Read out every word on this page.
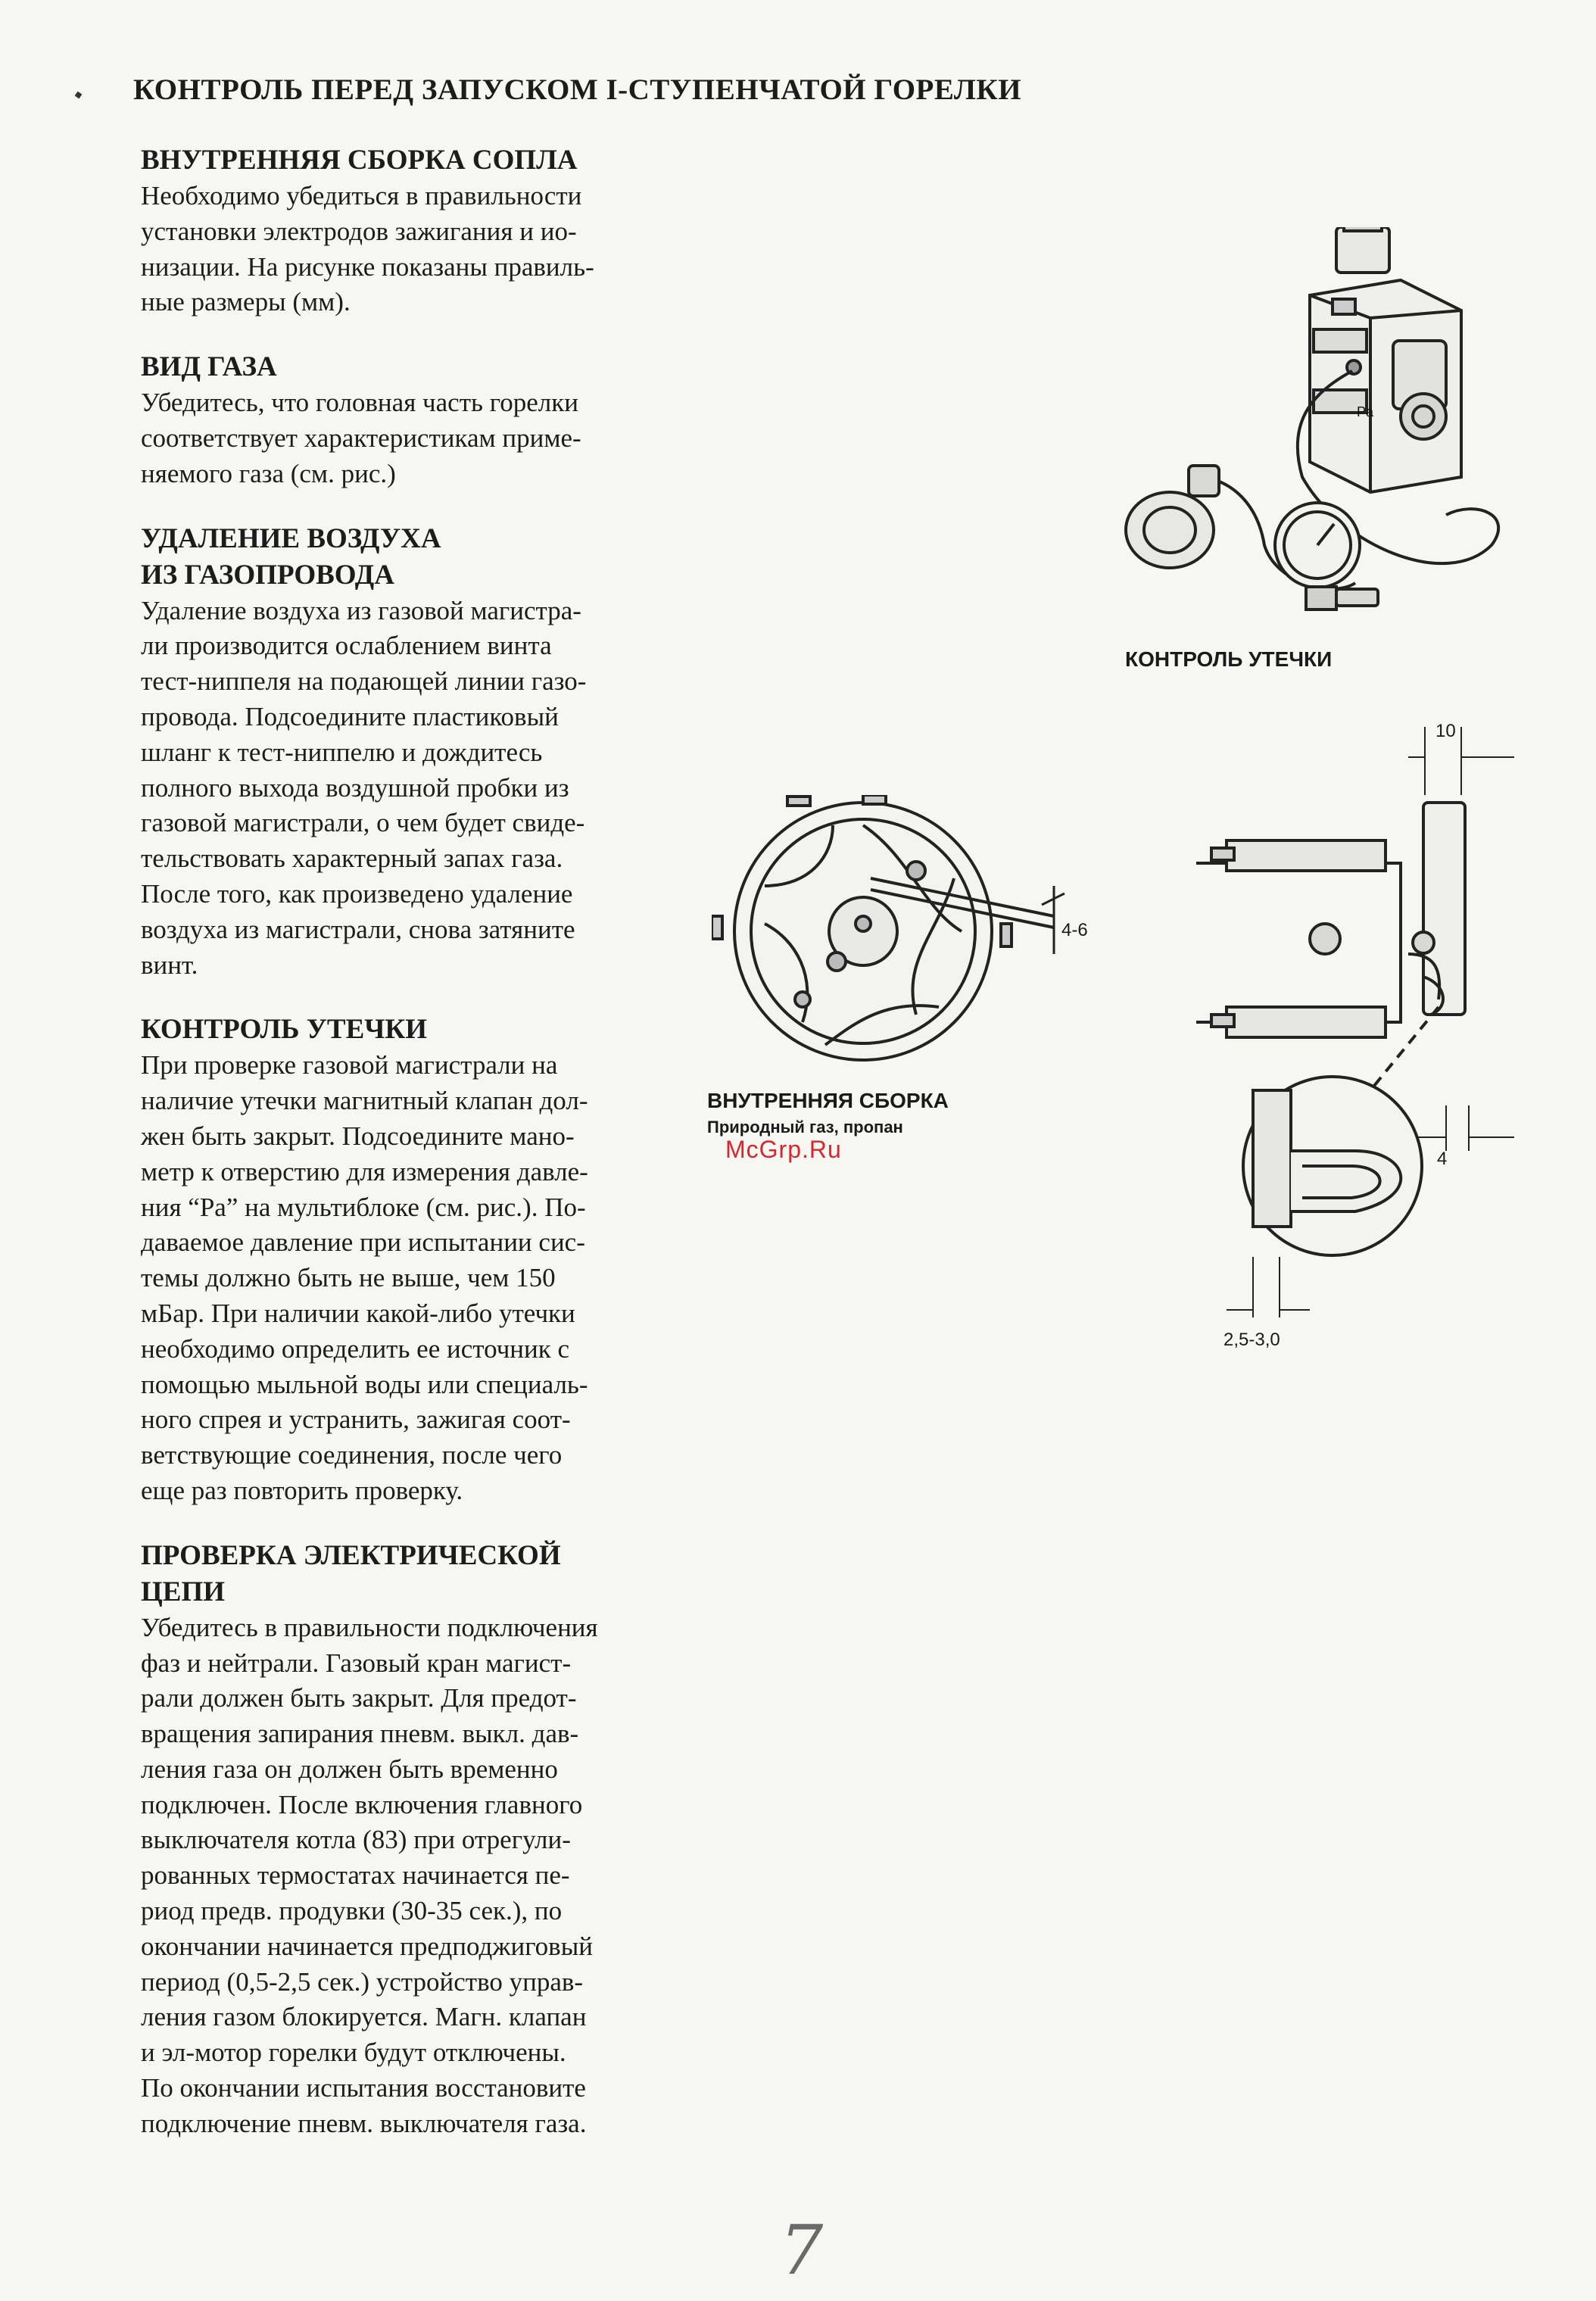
КОНТРОЛЬ ПЕРЕД ЗАПУСКОМ I-СТУПЕНЧАТОЙ ГОРЕЛКИ
ВНУТРЕННЯЯ СБОРКА СОПЛА

Необходимо убедиться в правильности
установки электродов зажигания и ио-
низации. На рисунке показаны правиль-
ные размеры (мм).

ВИД ГАЗА

Убедитесь, что головная часть горелки
соответствует характеристикам приме-
няемого газа (см. рис.)

УДАЛЕНИЕ ВОЗДУХА
ИЗ ГАЗОПРОВОДА

Удаление воздуха из газовой магистра-
ли производится ослаблением винта
тест-ниппеля на подающей линии газо-
провода. Подсоедините пластиковый
шланг к тест-ниппелю и дождитесь
полного выхода воздушной пробки из
газовой магистрали, о чем будет свиде-
тельствовать характерный запах газа.
После того, как произведено удаление
воздуха из магистрали, снова затяните
винт.

КОНТРОЛЬ УТЕЧКИ

При проверке газовой магистрали на
наличие утечки магнитный клапан дол-
жен быть закрыт. Подсоедините мано-
метр к отверстию для измерения давле-
ния “Pa” на мультиблоке (см. рис.). По-
даваемое давление при испытании сис-
темы должно быть не выше, чем 150
мБар. При наличии какой-либо утечки
необходимо определить ее источник с
помощью мыльной воды или специаль-
ного спрея и устранить, зажигая соот-
ветствующие соединения, после чего
еще раз повторить проверку.

ПРОВЕРКА ЭЛЕКТРИЧЕСКОЙ
ЦЕПИ

Убедитесь в правильности подключения
фаз и нейтрали. Газовый кран магист-
рали должен быть закрыт. Для предот-
вращения запирания пневм. выкл. дав-
ления газа он должен быть временно
подключен. После включения главного
выключателя котла (83) при отрегули-
рованных термостатах начинается пе-
риод предв. продувки (30-35 сек.), по
окончании начинается предподжиговый
период (0,5-2,5 сек.) устройство управ-
ления газом блокируется. Магн. клапан
и эл-мотор горелки будут отключены.
По окончании испытания восстановите
подключение пневм. выключателя газа.

Pa
КОНТРОЛЬ УТЕЧКИ
4-6
ВНУТРЕННЯЯ СБОРКА
Природный газ, пропан
10
4
2,5-3,0
McGrp.Ru
7
